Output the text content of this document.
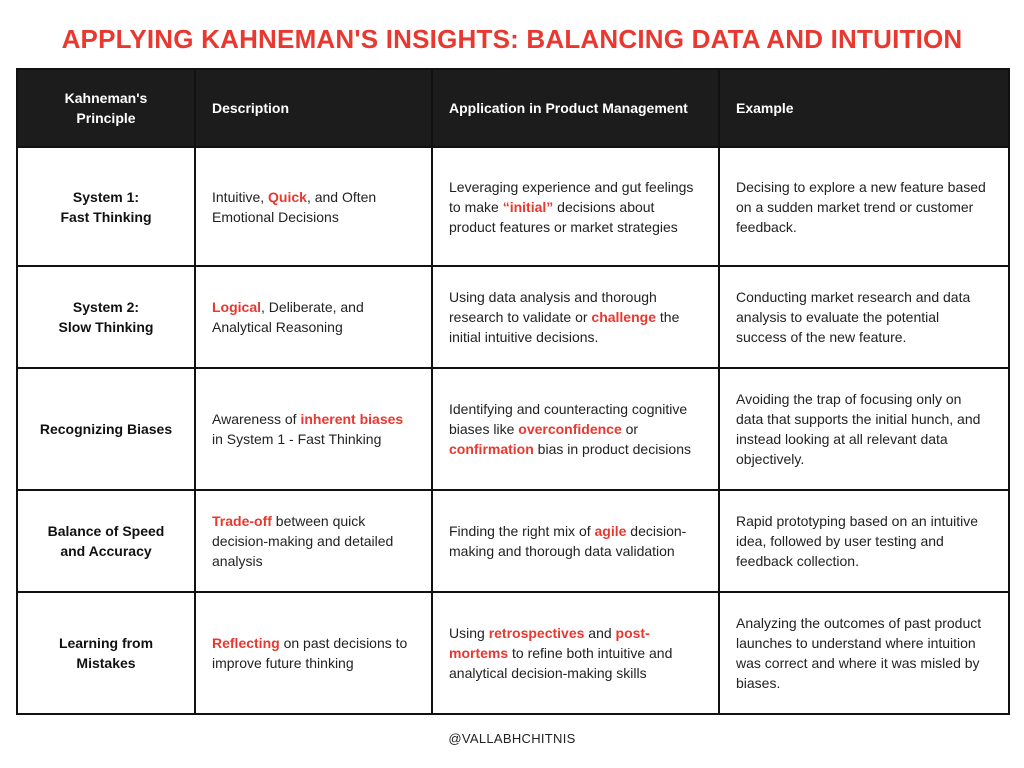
APPLYING KAHNEMAN'S INSIGHTS: BALANCING DATA AND INTUITION
Kahneman's Principle	Description	Application in Product Management	Example
System 1:
Fast Thinking	Intuitive, Quick, and Often Emotional Decisions	Leveraging experience and gut feelings to make “initial” decisions about product features or market strategies	Decising to explore a new feature based on a sudden market trend or customer feedback.
System 2:
Slow Thinking	Logical, Deliberate, and Analytical Reasoning	Using data analysis and thorough research to validate or challenge the initial intuitive decisions.	Conducting market research and data analysis to evaluate the potential success of the new feature.
Recognizing Biases	Awareness of inherent biases in System 1 - Fast Thinking	Identifying and counteracting cognitive biases like overconfidence or confirmation bias in product decisions	Avoiding the trap of focusing only on data that supports the initial hunch, and instead looking at all relevant data objectively.
Balance of Speed
and Accuracy	Trade-off between quick decision-making and detailed analysis	Finding the right mix of agile decision-making and thorough data validation	Rapid prototyping based on an intuitive idea, followed by user testing and feedback collection.
Learning from
Mistakes	Reflecting on past decisions to improve future thinking	Using retrospectives and post-mortems to refine both intuitive and analytical decision-making skills	Analyzing the outcomes of past product launches to understand where intuition was correct and where it was misled by biases.
@VALLABHCHITNIS
